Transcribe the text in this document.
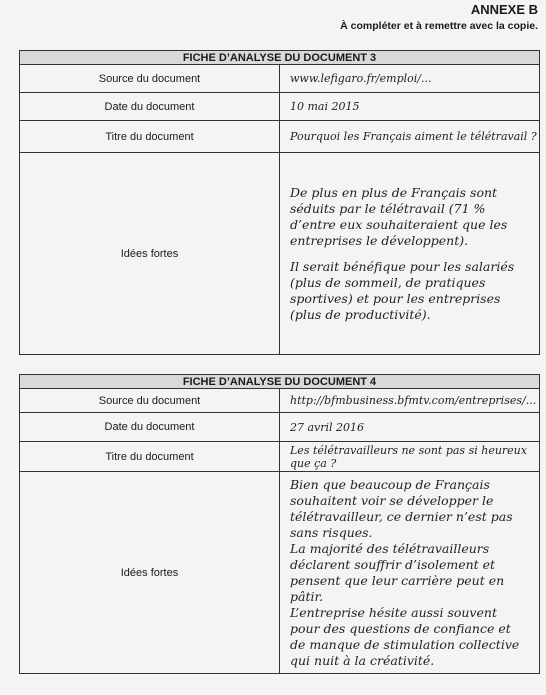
ANNEXE B
À compléter et à remettre avec la copie.
FICHE D’ANALYSE DU DOCUMENT 3	
Source du document	www.lefigaro.fr/emploi/...
Date du document	10 mai 2015
Titre du document	Pourquoi les Français aiment le télétravail ?
Idées fortes	De plus en plus de Français sont séduits par le télétravail (71 % d’entre eux souhaiteraient que les entreprises le développent).

Il serait bénéfique pour les salariés (plus de sommeil, de pratiques sportives) et pour les entreprises (plus de productivité).

FICHE D’ANALYSE DU DOCUMENT 4	
Source du document	http://bfmbusiness.bfmtv.com/entreprises/...
Date du document	27 avril 2016
Titre du document	Les télétravailleurs ne sont pas si heureux que ça ?
Idées fortes	Bien que beaucoup de Français souhaitent voir se développer le télétravailleur, ce dernier n’est pas sans risques.

La majorité des télétravailleurs déclarent souffrir d’isolement et pensent que leur carrière peut en pâtir.

L’entreprise hésite aussi souvent pour des questions de confiance et de manque de stimulation collective qui nuit à la créativité.
